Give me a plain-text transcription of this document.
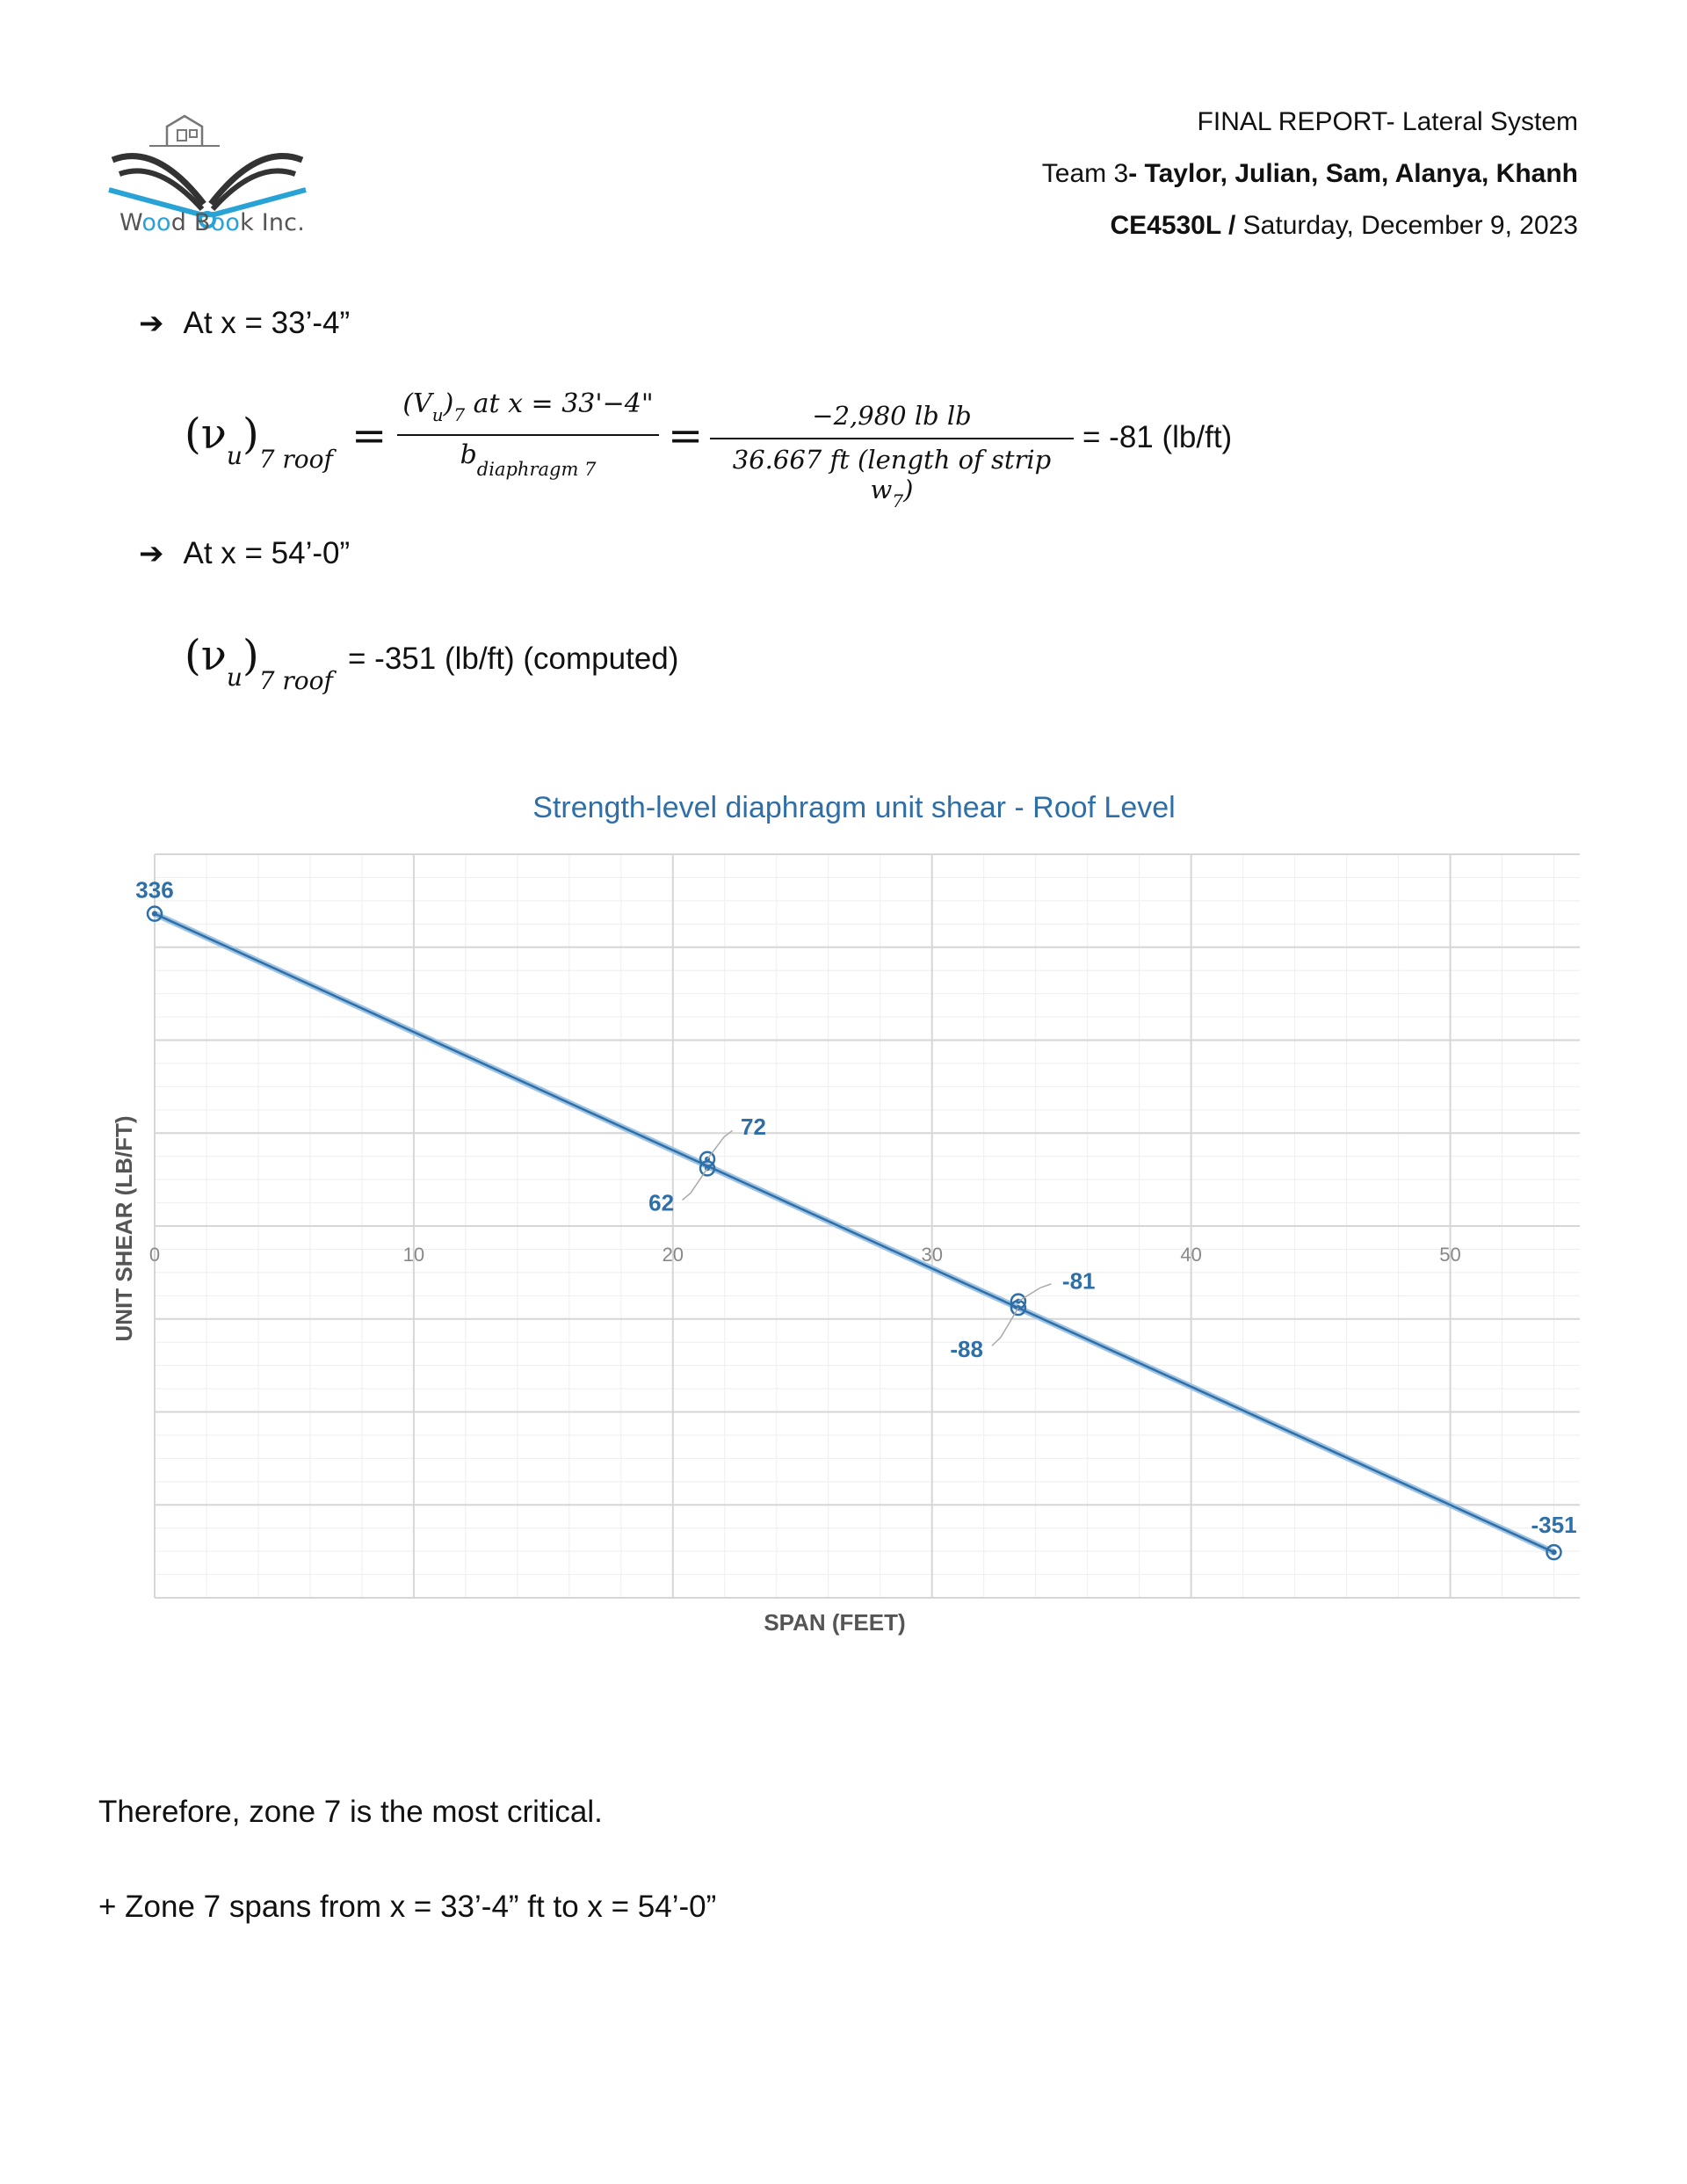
Wood Book Inc.
FINAL REPORT- Lateral System
Team 3- Taylor, Julian, Sam, Alanya, Khanh
CE4530L / Saturday, December 9, 2023
➔ At x = 33’-4”
(νu)7 roof =
$(V_u)_7$ at x = 33'−4"
$b_{diaphragm 7}$
=	−2,980 lb lb
36.667 ft (length of strip $w_7$)
= -81 (lb/ft)
➔ At x = 54’-0”
(νu)7 roof
= -351 (lb/ft) (computed)
Strength-level diaphragm unit shear - Roof Level
0	10	20	30	40	50
336
72
62
-81
-88
-351
SPAN (FEET)
UNIT SHEAR (LB/FT)
Therefore, zone 7 is the most critical.
+ Zone 7 spans from x = 33’-4” ft to x = 54’-0”
